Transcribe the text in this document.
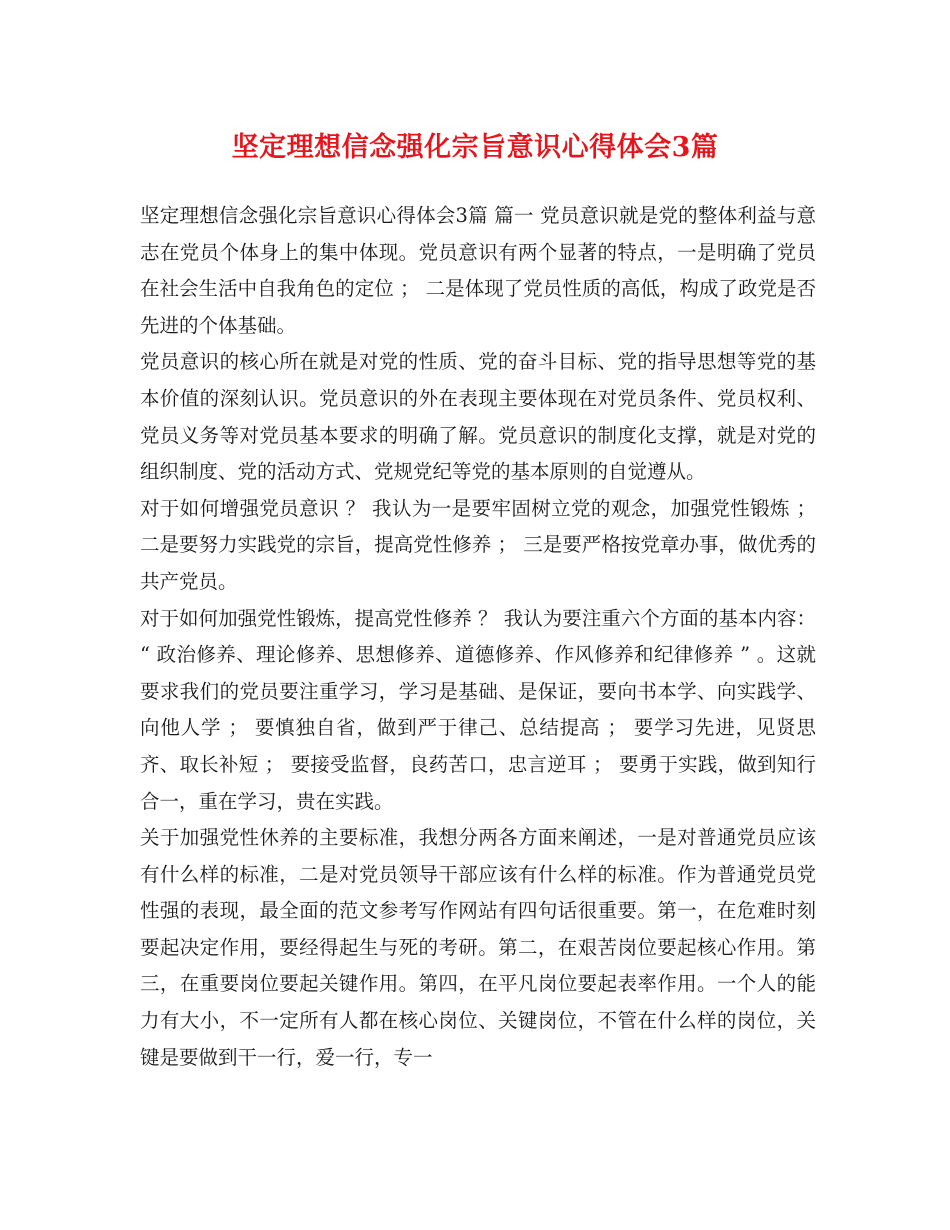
坚定理想信念强化宗旨意识心得体会3篇

坚定理想信念强化宗旨意识心得体会3篇 篇一 党员意识就是党的整体利益与意志在党员个体身上的集中体现。党员意识有两个显著的特点，一是明确了党员在社会生活中自我角色的定位 ； 二是体现了党员性质的高低，构成了政党是否先进的个体基础。

党员意识的核心所在就是对党的性质、党的奋斗目标、党的指导思想等党的基本价值的深刻认识。党员意识的外在表现主要体现在对党员条件、党员权利、党员义务等对党员基本要求的明确了解。党员意识的制度化支撑，就是对党的组织制度、党的活动方式、党规党纪等党的基本原则的自觉遵从。

对于如何增强党员意识 ？ 我认为一是要牢固树立党的观念，加强党性锻炼 ； 二是要努力实践党的宗旨，提高党性修养 ； 三是要严格按党章办事，做优秀的共产党员。

对于如何加强党性锻炼，提高党性修养 ？ 我认为要注重六个方面的基本内容： “ 政治修养、理论修养、思想修养、道德修养、作风修养和纪律修养 ” 。这就要求我们的党员要注重学习，学习是基础、是保证，要向书本学、向实践学、向他人学 ； 要慎独自省，做到严于律己、总结提高 ； 要学习先进，见贤思齐、取长补短 ； 要接受监督，良药苦口，忠言逆耳 ； 要勇于实践，做到知行合一，重在学习，贵在实践。

关于加强党性休养的主要标准，我想分两各方面来阐述，一是对普通党员应该有什么样的标准，二是对党员领导干部应该有什么样的标准。作为普通党员党性强的表现，最全面的范文参考写作网站有四句话很重要。第一，在危难时刻要起决定作用，要经得起生与死的考研。第二，在艰苦岗位要起核心作用。第三，在重要岗位要起关键作用。第四，在平凡岗位要起表率作用。一个人的能力有大小，不一定所有人都在核心岗位、关键岗位，不管在什么样的岗位，关键是要做到干一行，爱一行，专一
